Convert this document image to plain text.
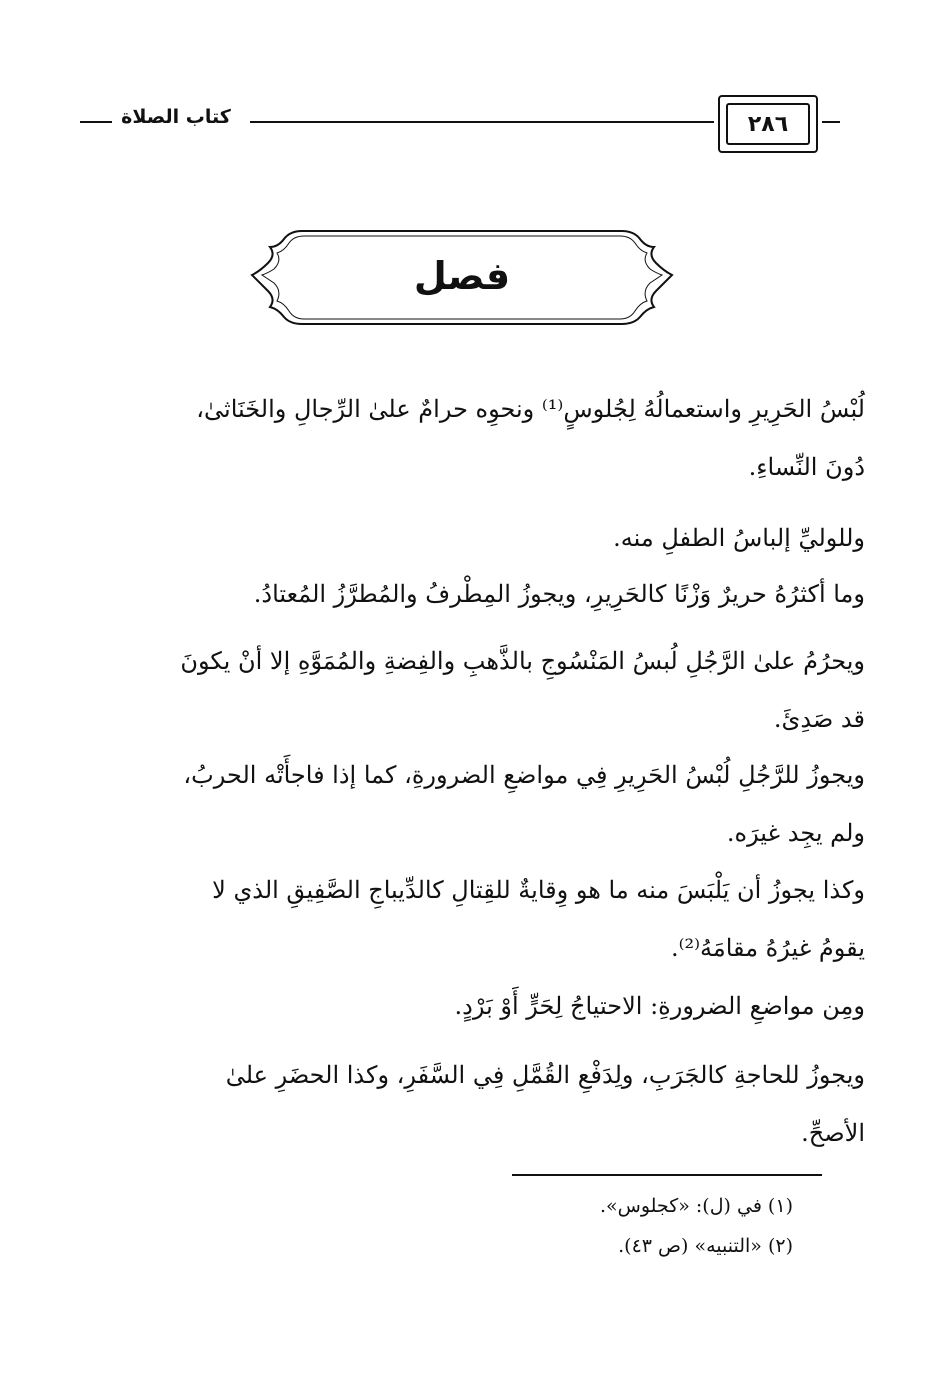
كتاب الصلاة	٢٨٦
فصل
لُبْسُ الحَرِيرِ واستعمالُهُ لِجُلوسٍ⁽¹⁾ ونحوِه حرامٌ علىٰ الرِّجالِ والخَنَاثىٰ،
دُونَ النِّساءِ.
وللوليِّ إلباسُ الطفلِ منه.
وما أكثرُهُ حريرٌ وَزْنًا كالحَرِيرِ، ويجوزُ المِطْرفُ والمُطرَّزُ المُعتادُ.
ويحرُمُ علىٰ الرَّجُلِ لُبسُ المَنْسُوجِ بالذَّهبِ والفِضةِ والمُمَوَّهِ إلا أنْ يكونَ
قد صَدِئَ.
ويجوزُ للرَّجُلِ لُبْسُ الحَرِيرِ فِي مواضعِ الضرورةِ، كما إذا فاجأَتْه الحربُ،
ولم يجِد غيرَه.
وكذا يجوزُ أن يَلْبَسَ منه ما هو وِقايةٌ للقِتالِ كالدِّيباجِ الصَّفِيقِ الذي لا
يقومُ غيرُهُ مقامَهُ⁽²⁾.
ومِن مواضعِ الضرورةِ: الاحتياجُ لِحَرٍّ أَوْ بَرْدٍ.
ويجوزُ للحاجةِ كالجَرَبِ، ولِدَفْعِ القُمَّلِ فِي السَّفَرِ، وكذا الحضَرِ علىٰ
الأصحِّ.
(١) في (ل): «كجلوس».
(٢) «التنبيه» (ص ٤٣).
